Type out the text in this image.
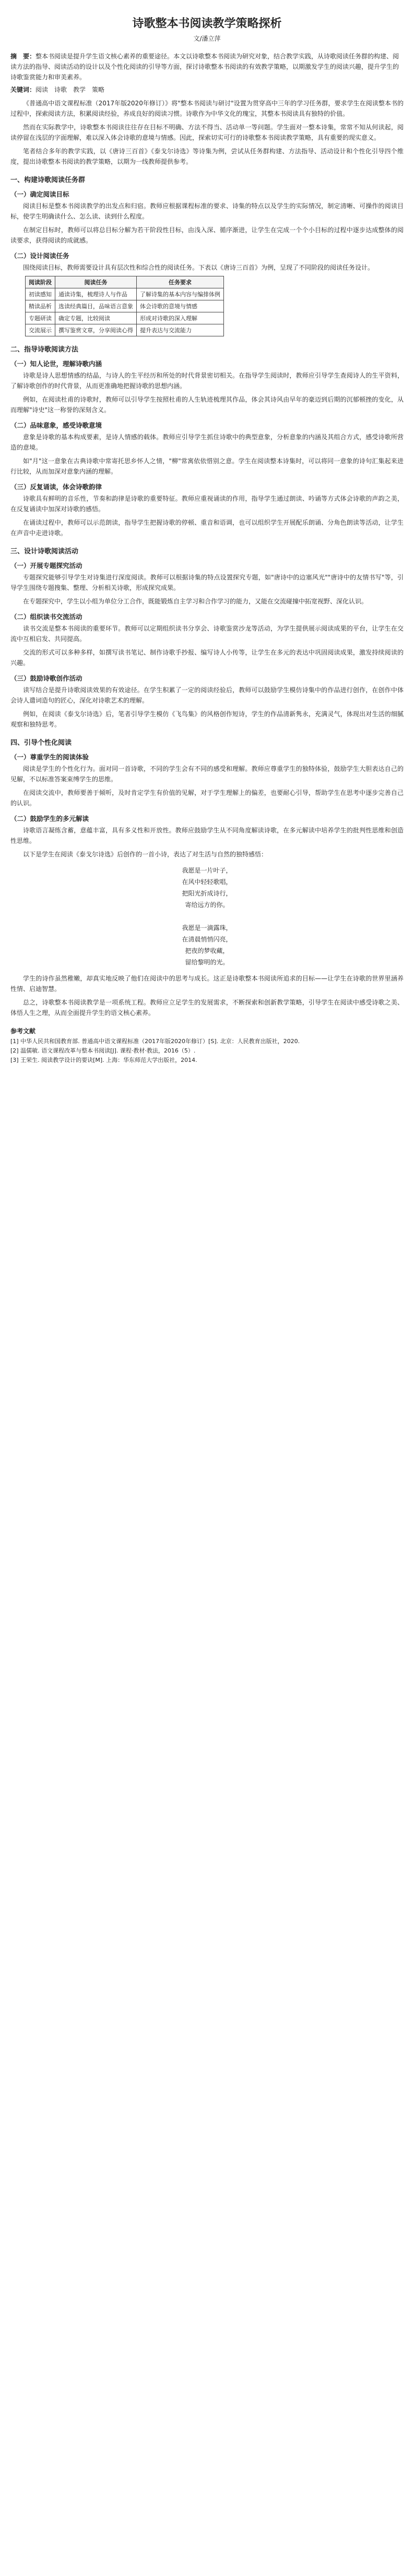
诗歌整本书阅读教学策略探析
文/潘立萍

摘　要：整本书阅读是提升学生语文核心素养的重要途径。本文以诗歌整本书阅读为研究对象，结合教学实践，从诗歌阅读任务群的构建、阅读方法的指导、阅读活动的设计以及个性化阅读的引导等方面，探讨诗歌整本书阅读的有效教学策略，以期激发学生的阅读兴趣，提升学生的诗歌鉴赏能力和审美素养。

关键词：阅读　诗歌　教学　策略

《普通高中语文课程标准（2017年版2020年修订）》将"整本书阅读与研讨"设置为贯穿高中三年的学习任务群，要求学生在阅读整本书的过程中，探索阅读方法，积累阅读经验，养成良好的阅读习惯。诗歌作为中华文化的瑰宝，其整本书阅读具有独特的价值。

然而在实际教学中，诗歌整本书阅读往往存在目标不明确、方法不得当、活动单一等问题。学生面对一整本诗集，常常不知从何读起，阅读停留在浅层的字面理解，难以深入体会诗歌的意境与情感。因此，探索切实可行的诗歌整本书阅读教学策略，具有重要的现实意义。

笔者结合多年的教学实践，以《唐诗三百首》《泰戈尔诗选》等诗集为例，尝试从任务群构建、方法指导、活动设计和个性化引导四个维度，提出诗歌整本书阅读的教学策略，以期为一线教师提供参考。

一、构建诗歌阅读任务群
（一）确定阅读目标

阅读目标是整本书阅读教学的出发点和归宿。教师应根据课程标准的要求、诗集的特点以及学生的实际情况，制定清晰、可操作的阅读目标，使学生明确读什么、怎么读、读到什么程度。

在制定目标时，教师可以将总目标分解为若干阶段性目标，由浅入深、循序渐进，让学生在完成一个个小目标的过程中逐步达成整体的阅读要求，获得阅读的成就感。

（二）设计阅读任务

围绕阅读目标，教师需要设计具有层次性和综合性的阅读任务。下表以《唐诗三百首》为例，呈现了不同阶段的阅读任务设计。

阅读阶段	阅读任务	任务要求
初读感知	通读诗集，梳理诗人与作品	了解诗集的基本内容与编排体例
精读品析	选读经典篇目，品味语言意象	体会诗歌的意境与情感
专题研读	确定专题，比较阅读	形成对诗歌的深入理解
交流展示	撰写鉴赏文章，分享阅读心得	提升表达与交流能力
二、指导诗歌阅读方法
（一）知人论世，理解诗歌内涵

诗歌是诗人思想情感的结晶，与诗人的生平经历和所处的时代背景密切相关。在指导学生阅读时，教师应引导学生查阅诗人的生平资料，了解诗歌创作的时代背景，从而更准确地把握诗歌的思想内涵。

例如，在阅读杜甫的诗歌时，教师可以引导学生按照杜甫的人生轨迹梳理其作品，体会其诗风由早年的豪迈到后期的沉郁顿挫的变化，从而理解"诗史"这一称誉的深刻含义。

（二）品味意象，感受诗歌意境

意象是诗歌的基本构成要素，是诗人情感的载体。教师应引导学生抓住诗歌中的典型意象，分析意象的内涵及其组合方式，感受诗歌所营造的意境。

如"月"这一意象在古典诗歌中常寄托思乡怀人之情，"柳"常寓依依惜别之意。学生在阅读整本诗集时，可以将同一意象的诗句汇集起来进行比较，从而加深对意象内涵的理解。

（三）反复诵读，体会诗歌韵律

诗歌具有鲜明的音乐性，节奏和韵律是诗歌的重要特征。教师应重视诵读的作用，指导学生通过朗读、吟诵等方式体会诗歌的声韵之美，在反复诵读中加深对诗歌的感悟。

在诵读过程中，教师可以示范朗读，指导学生把握诗歌的停顿、重音和语调，也可以组织学生开展配乐朗诵、分角色朗读等活动，让学生在声音中走进诗歌。

三、设计诗歌阅读活动
（一）开展专题探究活动

专题探究能够引导学生对诗集进行深度阅读。教师可以根据诗集的特点设置探究专题，如"唐诗中的边塞风光""唐诗中的友情书写"等，引导学生围绕专题搜集、整理、分析相关诗歌，形成探究成果。

在专题探究中，学生以小组为单位分工合作，既能锻炼自主学习和合作学习的能力，又能在交流碰撞中拓宽视野、深化认识。

（二）组织读书交流活动

读书交流是整本书阅读的重要环节。教师可以定期组织读书分享会、诗歌鉴赏沙龙等活动，为学生提供展示阅读成果的平台，让学生在交流中互相启发、共同提高。

交流的形式可以多种多样，如撰写读书笔记、制作诗歌手抄报、编写诗人小传等，让学生在多元的表达中巩固阅读成果，激发持续阅读的兴趣。

（三）鼓励诗歌创作活动

读写结合是提升诗歌阅读效果的有效途径。在学生积累了一定的阅读经验后，教师可以鼓励学生模仿诗集中的作品进行创作，在创作中体会诗人遣词造句的匠心，深化对诗歌艺术的理解。

例如，在阅读《泰戈尔诗选》后，笔者引导学生模仿《飞鸟集》的风格创作短诗，学生的作品清新隽永，充满灵气，体现出对生活的细腻观察和独特思考。

四、引导个性化阅读
（一）尊重学生的阅读体验

阅读是学生的个性化行为。面对同一首诗歌，不同的学生会有不同的感受和理解。教师应尊重学生的独特体验，鼓励学生大胆表达自己的见解，不以标准答案束缚学生的思维。

在阅读交流中，教师要善于倾听，及时肯定学生有价值的见解，对于学生理解上的偏差，也要耐心引导，帮助学生在思考中逐步完善自己的认识。

（二）鼓励学生的多元解读

诗歌语言凝练含蓄，意蕴丰富，具有多义性和开放性。教师应鼓励学生从不同角度解读诗歌，在多元解读中培养学生的批判性思维和创造性思维。

以下是学生在阅读《泰戈尔诗选》后创作的一首小诗，表达了对生活与自然的独特感悟：

我愿是一片叶子，
在风中轻轻歌唱，
把阳光折成诗行，
寄给远方的你。

我愿是一滴露珠，
在清晨悄悄闪亮，
把夜的梦收藏，
留给黎明的光。

学生的诗作虽然稚嫩，却真实地反映了他们在阅读中的思考与成长。这正是诗歌整本书阅读所追求的目标——让学生在诗歌的世界里涵养性情、启迪智慧。

总之，诗歌整本书阅读教学是一项系统工程。教师应立足学生的发展需求，不断探索和创新教学策略，引导学生在阅读中感受诗歌之美、体悟人生之理，从而全面提升学生的语文核心素养。

参考文献
[1] 中华人民共和国教育部. 普通高中语文课程标准（2017年版2020年修订）[S]. 北京：人民教育出版社，2020.
[2] 温儒敏. 语文课程改革与整本书阅读[J]. 课程·教材·教法，2016（5）.
[3] 王荣生. 阅读教学设计的要诀[M]. 上海：华东师范大学出版社，2014.
